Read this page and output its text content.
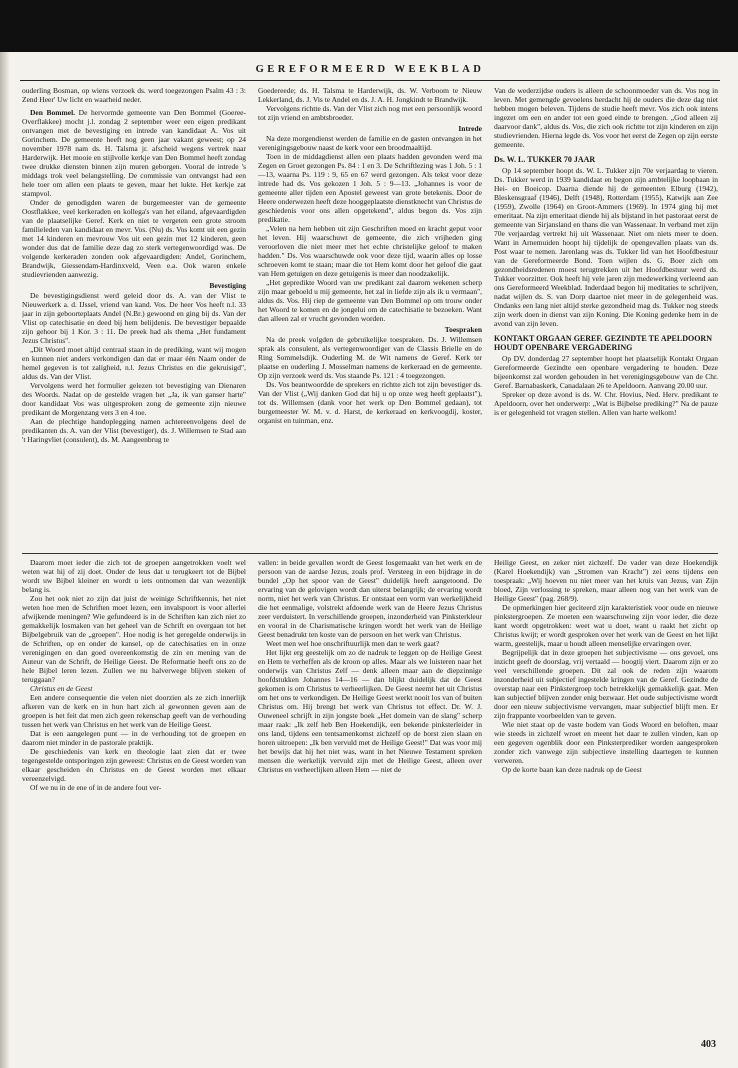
GEREFORMEERD WEEKBLAD

ouderling Bosman, op wiens verzoek ds. werd toegezongen Psalm 43 : 3: Zend Heer' Uw licht en waarheid neder.

Den Bommel. De hervormde gemeente van Den Bommel (Goeree-Overflakkee) mocht j.l. zondag 2 september weer een eigen predikant ontvangen met de bevestiging en intrede van kandidaat A. Vos uit Gorinchem. De gemeente heeft nog geen jaar vakant geweest; op 24 november 1978 nam ds. H. Talsma jr. afscheid wegens vertrek naar Harderwijk. Het mooie en stijlvolle kerkje van Den Bommel heeft zondag twee drukke diensten binnen zijn muren geborgen. Vooral de intrede 's middags trok veel belangstelling. De commissie van ontvangst had een hele toer om allen een plaats te geven, maar het lukte. Het kerkje zat stampvol.

Onder de genodigden waren de burgemeester van de gemeente Oostflakkee, veel kerkeraden en kollega's van het eiland, afgevaardigden van de plaatselijke Geref. Kerk en niet te vergeten een grote stroom familieleden van kandidaat en mevr. Vos. (Nu) ds. Vos komt uit een gezin met 14 kinderen en mevrouw Vos uit een gezin met 12 kinderen, geen wonder dus dat de familie deze dag zo sterk vertegenwoordigd was. De volgende kerkeraden zonden ook afgevaardigden: Andel, Gorinchem, Brandwijk, Giessendam-Hardinxveld, Veen e.a. Ook waren enkele studievrienden aanwezig.

Bevestiging

De bevestigingsdienst werd geleid door ds. A. van der Vlist te Nieuwerkerk a. d. IJssel, vriend van kand. Vos. De heer Vos heeft n.l. 33 jaar in zijn geboorteplaats Andel (N.Br.) gewoond en ging bij ds. Van der Vlist op catechisatie en deed bij hem belijdenis. De bevestiger bepaalde zijn gehoor bij 1 Kor. 3 : 11. De preek had als thema „Het fundament Jezus Christus".

„Dit Woord moet altijd centraal staan in de prediking, want wij mogen en kunnen niet anders verkondigen dan dat er maar één Naam onder de hemel gegeven is tot zaligheid, n.l. Jezus Christus en die gekruisigd", aldus ds. Van der Vlist.

Vervolgens werd het formulier gelezen tot bevestiging van Dienaren des Woords. Nadat op de gestelde vragen het „Ja, ik van ganser harte" door kandidaat Vos was uitgesproken zong de gemeente zijn nieuwe predikant de Morgenzang vers 3 en 4 toe.

Aan de plechtige handoplegging namen achtereenvolgens deel de predikanten ds. A. van der Vlist (bevestiger), ds. J. Willemsen te Stad aan 't Haringvliet (consulent), ds. M. Aangeenbrug te

Goedereede; ds. H. Talsma te Harderwijk, ds. W. Verboom te Nieuw Lekkerland, ds. J. Vis te Andel en ds. J. A. H. Jongkindt te Brandwijk.

Vervolgens richtte ds. Van der Vlist zich nog met een persoonlijk woord tot zijn vriend en ambtsbroeder.

Intrede

Na deze morgendienst werden de familie en de gasten ontvangen in het verenigingsgebouw naast de kerk voor een broodmaaltijd.

Toen in de middagdienst allen een plaats hadden gevonden werd ma Zegen en Groet gezongen Ps. 84 : 1 en 3. De Schriftlezing was 1 Joh. 5 : 1—13, waarna Ps. 119 : 9, 65 en 67 werd gezongen. Als tekst voor deze intrede had ds. Vos gekozen 1 Joh. 5 : 9—13. „Johannes is voor de gemeente aller tijden een Apostel geweest van grote betekenis. Door de Heere onderwezen heeft deze hooggeplaatste dienstknecht van Christus de geschiedenis voor ons allen opgetekend", aldus begon ds. Vos zijn predikatie.

„Velen na hem hebben uit zijn Geschriften moed en kracht geput voor het leven. Hij waarschuwt de gemeente, die zich vrijheden ging veroorloven die niet meer met het echte christelijke geloof te maken hadden." Ds. Vos waarschuwde ook voor deze tijd, waarin alles op losse schroeven komt te staan; maar die tot Hem komt door het geloof die gaat van Hem getuigen en deze getuigenis is meer dan noodzakelijk.

„Het gepredikte Woord van uw predikant zal daarom wekenen scherp zijn maar geboeld u mij gemeente, het zal in liefde zijn als ik u vermaan", aldus ds. Vos. Hij riep de gemeente van Den Bommel op om trouw onder het Woord te komen en de jongelui om de catechisatie te bezoeken. Want dan alleen zal er vrucht gevonden worden.

Toespraken

Na de preek volgden de gebruikelijke toespraken. Ds. J. Willemsen sprak als consulent, als vertegenwoordiger van de Classis Brielle en de Ring Sommelsdijk. Ouderling M. de Wit namens de Geref. Kerk ter plaatse en ouderling J. Mosselman namens de kerkeraad en de gemeente. Op zijn verzoek werd ds. Vos staande Ps. 121 : 4 toegezongen.

Ds. Vos beantwoordde de sprekers en richtte zich tot zijn bevestiger ds. Van der Vlist („Wij danken God dat hij u op onze weg heeft geplaatst"), tot ds. Willemsen (dank voor het werk op Den Bommel gedaan), tot burgemeester W. M. v. d. Harst, de kerkeraad en kerkvoogdij, koster, organist en tuinman, enz.

Van de wederzijdse ouders is alleen de schoonmoeder van ds. Vos nog in leven. Met gemengde gevoelens herdacht hij de ouders die deze dag niet hebben mogen beleven. Tijdens de studie heeft mevr. Vos zich ook intens ingezet om een en ander tot een goed einde te brengen. „God alleen zij daarvoor dank", aldus ds. Vos, die zich ook richtte tot zijn kinderen en zijn studievrienden. Hierna legde ds. Vos voor het eerst de Zegen op zijn eerste gemeente.

Ds. W. L. TUKKER 70 JAAR

Op 14 september hoopt ds. W. L. Tukker zijn 70e verjaardag te vieren. Ds. Tukker werd in 1939 kandidaat en begon zijn ambtelijke loopbaan in Hei- en Boeicop. Daarna diende hij de gemeenten Elburg (1942), Bleskensgraaf (1946), Delft (1948), Rotterdam (1955), Katwijk aan Zee (1959), Zwolle (1964) en Groot-Ammers (1969). In 1974 ging hij met emeritaat. Na zijn emeritaat diende hij als bijstand in het pastoraat eerst de gemeente van Sirjansland en thans die van Wassenaar. In verband met zijn 70e verjaardag vertrekt hij uit Wassenaar. Niet om niets meer te doen. Want in Arnemuiden hoopt hij tijdelijk de opengevallen plaats van ds. Post waar te nemen. Jarenlang was ds. Tukker lid van het Hoofdbestuur van de Gereformeerde Bond. Toen wijlen ds. G. Boer zich om gezondheidsredenen moest terugtrekken uit het Hoofdbestuur werd ds. Tukker voorzitter. Ook heeft hij vele jaren zijn medewerking verleend aan ons Gereformeerd Weekblad. Inderdaad begon hij meditaties te schrijven, nadat wijlen ds. S. van Dorp daartoe niet meer in de gelegenheid was. Ondanks een lang niet altijd sterke gezondheid mag ds. Tukker nog steeds zijn werk doen in dienst van zijn Koning. Die Koning gedenke hem in de avond van zijn leven.

KONTAKT ORGAAN GEREF. GEZINDTE TE APELDOORN HOUDT OPENBARE VERGADERING

Op DV. donderdag 27 september hoopt het plaatselijk Kontakt Orgaan Gereformeerde Gezindte een openbare vergadering te houden. Deze bijeenkomst zal worden gehouden in het verenigingsgebouw van de Chr. Geref. Barnabaskerk, Canadalaan 26 te Apeldoorn. Aanvang 20.00 uur.

Spreker op deze avond is ds. W. Chr. Hovius, Ned. Herv. predikant te Apeldoorn, over het onderwerp: „Wat is Bijbelse prediking?" Na de pauze is er gelegenheid tot vragen stellen. Allen van harte welkom!

Daarom moet ieder die zich tot de groepen aangetrokken voelt wel weten wat hij of zij doet. Onder de leus dat u terugkeert tot de Bijbel wordt uw Bijbel kleiner en wordt u iets ontnomen dat van wezenlijk belang is.

Zou het ook niet zo zijn dat juist de weinige Schriftkennis, het niet weten hoe men de Schriften moet lezen, een invalspoort is voor allerlei afwijkende meningen? Wie gefundeerd is in de Schriften kan zich niet zo gemakkelijk losmaken van het geheel van de Schrift en overgaan tot het Bijbelgebruik van de „groepen". Hoe nodig is het geregelde onderwijs in de Schriften, op en onder de kansel, op de catechisaties en in onze verenigingen en dan goed overeenkomstig de zin en mening van de Auteur van de Schrift, de Heilige Geest. De Reformatie heeft ons zo de hele Bijbel leren lezen. Zullen we nu halverwege blijven steken of teruggaan?

Christus en de Geest

Een andere consequentie die velen niet doorzien als ze zich innerlijk afkeren van de kerk en in hun hart zich al gewonnen geven aan de groepen is het feit dat men zich geen rekenschap geeft van de verhouding tussen het werk van Christus en het werk van de Heilige Geest.

Dat is een aangelegen punt — in de verhouding tot de groepen en daarom niet minder in de pastorale praktijk.

De geschiedenis van kerk en theologie laat zien dat er twee tegengestelde ontsporingen zijn geweest: Christus en de Geest worden van elkaar gescheiden én Christus en de Geest worden met elkaar vereenzelvigd.

Of we nu in de ene of in de andere fout ver-

vallen: in beide gevallen wordt de Geest losgemaakt van het werk en de persoon van de aardse Jezus, zoals prof. Versteeg in een bijdrage in de bundel „Op het spoor van de Geest" duidelijk heeft aangetoond. De ervaring van de gelovigen wordt dan uiterst belangrijk; de ervaring wordt norm, niet het werk van Christus. Er ontstaat een vorm van werkelijkheid die het eenmalige, volstrekt afdoende werk van de Heere Jezus Christus zeer verduistert. In verschillende groepen, inzonderheid van Pinksterkleur en vooral in de Charismatische kringen wordt het werk van de Heilige Geest benadrukt ten koste van de persoon en het werk van Christus.

Weet men wel hoe onschriftuurlijk men dan te werk gaat?

Het lijkt erg geestelijk om zo de nadruk te leggen op de Heilige Geest en Hem te verheffen als de kroon op alles. Maar als we luisteren naar het onderwijs van Christus Zelf — denk alleen maar aan de diepzinnige hoofdstukken Johannes 14—16 — dan blijkt duidelijk dat de Geest gekomen is om Christus te verheerlijken. De Geest neemt het uit Christus om het ons te verkondigen. De Heilige Geest werkt nooit los van of buiten Christus om. Hij brengt het werk van Christus tot effect. Dr. W. J. Ouweneel schrijft in zijn jongste boek „Het domein van de slang" scherp maar raak: „Ik zelf heb Ben Hoekendijk, een bekende pinksterleider in ons land, tijdens een tentsamenkomst zichzelf op de borst zien slaan en horen uitroepen: „Ik ben vervuld met de Heilige Geest!" Dat was voor mij het bewijs dat hij het niet was, want in het Nieuwe Testament spreken mensen die werkelijk vervuld zijn met de Heilige Geest, alleen over Christus en verheerlijken alleen Hem — niet de

Heilige Geest, en zeker niet zichzelf. De vader van deze Hoekendijk (Karel Hoekendijk) van „Stromen van Kracht") zei eens tijdens een toespraak: „Wij hoeven nu niet meer van het kruis van Jezus, van Zijn bloed, Zijn verlossing te spreken, maar alleen nog van het werk van de Heilige Geest" (pag. 268/9).

De opmerkingen hier geciteerd zijn karakteristiek voor oude en nieuwe pinkstergroepen. Ze moeten een waarschuwing zijn voor ieder, die deze kant wordt opgetrokken: weet wat u doet, want u raakt het zicht op Christus kwijt; er wordt gesproken over het werk van de Geest en het lijkt warm, geestelijk, maar u houdt alleen menselijke ervaringen over.

Begrijpelijk dat in deze groepen het subjectivisme — ons gevoel, ons inzicht geeft de doorslag, vrij vertaald — hoogtij viert. Daarom zijn er zo veel verschillende groepen. Dit zal ook de reden zijn waarom inzonderheid uit subjectief ingestelde kringen van de Geref. Gezindte de overstap naar een Pinkstergroep toch betrekkelijk gemakkelijk gaat. Men kan subjectief blijven zonder enig bezwaar. Het oude subjectivisme wordt door een nieuw subjectivisme vervangen, maar subjectief blijft men. Er zijn frappante voorbeelden van te geven.

Wie niet staat op de vaste bodem van Gods Woord en beloften, maar wie steeds in zichzelf wroet en meent het daar te zullen vinden, kan op een gegeven ogenblik door een Pinksterprediker worden aangesproken zonder zich vanwege zijn subjectieve instelling daartegen te kunnen verweren.

Op de korte baan kan deze nadruk op de Geest

403
